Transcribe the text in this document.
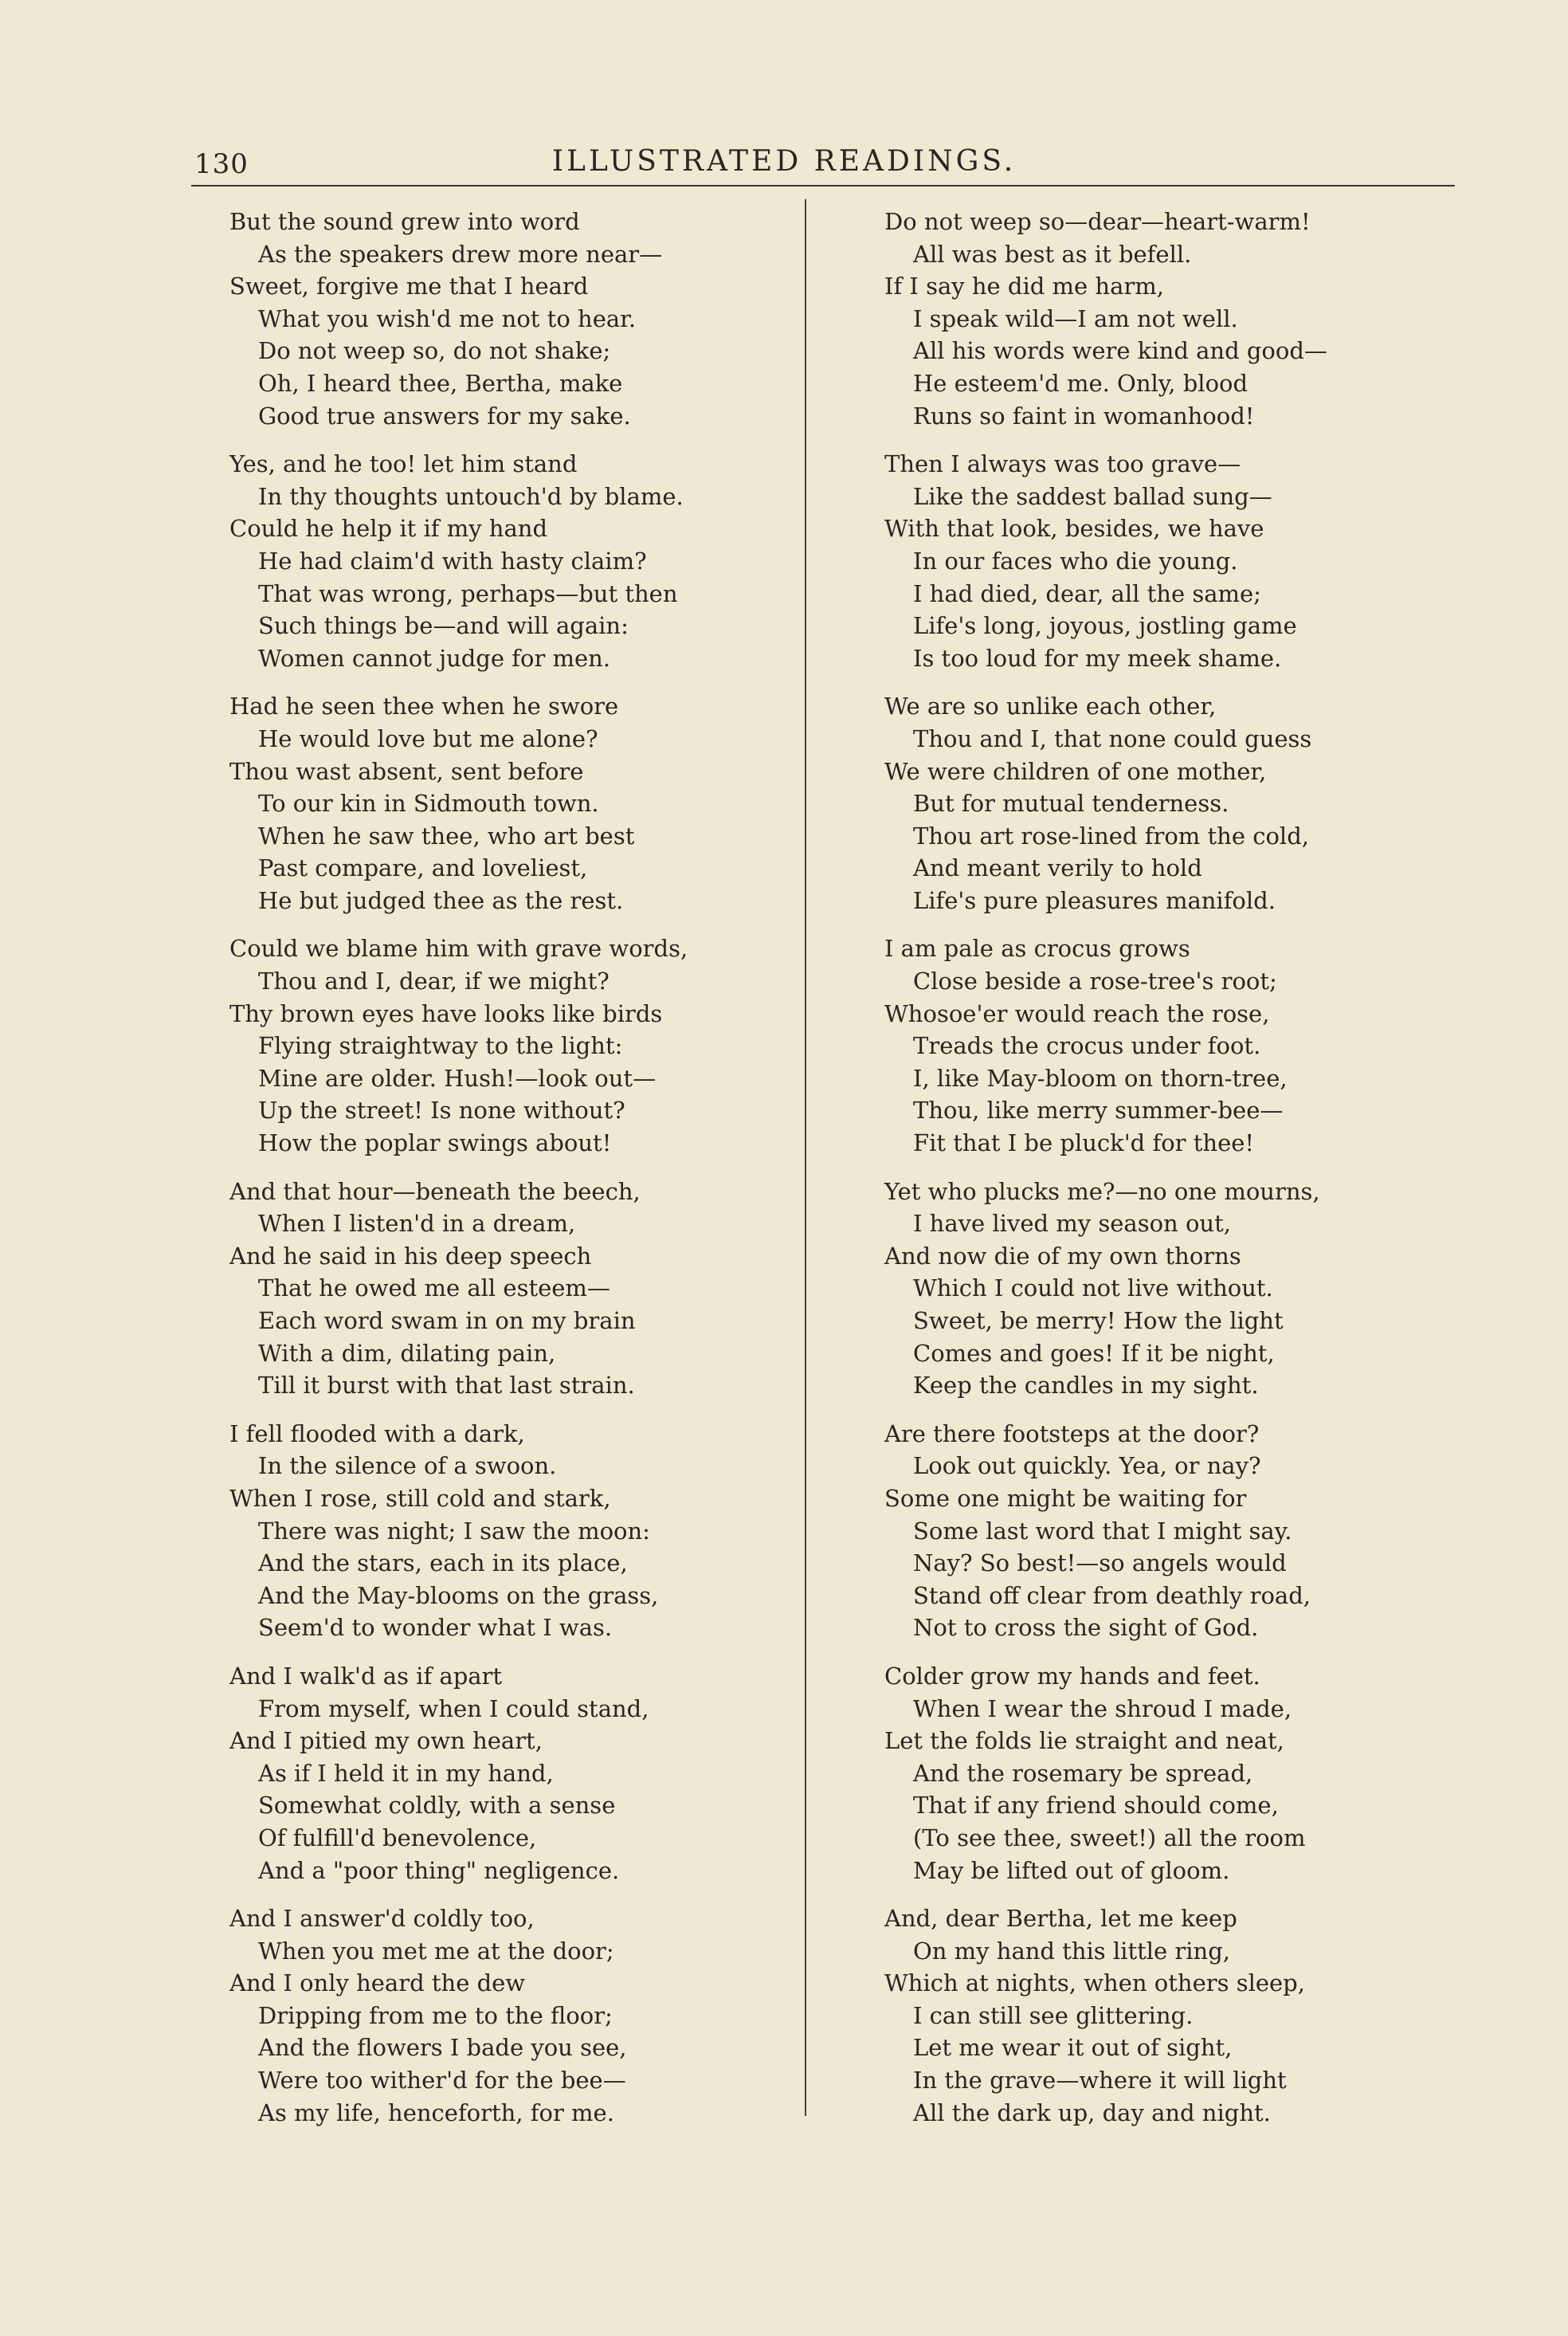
130	ILLUSTRATED READINGS.
But the sound grew into word
As the speakers drew more near—
Sweet, forgive me that I heard
What you wish'd me not to hear.
Do not weep so, do not shake;
Oh, I heard thee, Bertha, make
Good true answers for my sake.
Yes, and he too! let him stand
In thy thoughts untouch'd by blame.
Could he help it if my hand
He had claim'd with hasty claim?
That was wrong, perhaps—but then
Such things be—and will again:
Women cannot judge for men.
Had he seen thee when he swore
He would love but me alone?
Thou wast absent, sent before
To our kin in Sidmouth town.
When he saw thee, who art best
Past compare, and loveliest,
He but judged thee as the rest.
Could we blame him with grave words,
Thou and I, dear, if we might?
Thy brown eyes have looks like birds
Flying straightway to the light:
Mine are older. Hush!—look out—
Up the street! Is none without?
How the poplar swings about!
And that hour—beneath the beech,
When I listen'd in a dream,
And he said in his deep speech
That he owed me all esteem—
Each word swam in on my brain
With a dim, dilating pain,
Till it burst with that last strain.
I fell flooded with a dark,
In the silence of a swoon.
When I rose, still cold and stark,
There was night; I saw the moon:
And the stars, each in its place,
And the May-blooms on the grass,
Seem'd to wonder what I was.
And I walk'd as if apart
From myself, when I could stand,
And I pitied my own heart,
As if I held it in my hand,
Somewhat coldly, with a sense
Of fulfill'd benevolence,
And a "poor thing" negligence.
And I answer'd coldly too,
When you met me at the door;
And I only heard the dew
Dripping from me to the floor;
And the flowers I bade you see,
Were too wither'd for the bee—
As my life, henceforth, for me.
Do not weep so—dear—heart-warm!
All was best as it befell.
If I say he did me harm,
I speak wild—I am not well.
All his words were kind and good—
He esteem'd me. Only, blood
Runs so faint in womanhood!
Then I always was too grave—
Like the saddest ballad sung—
With that look, besides, we have
In our faces who die young.
I had died, dear, all the same;
Life's long, joyous, jostling game
Is too loud for my meek shame.
We are so unlike each other,
Thou and I, that none could guess
We were children of one mother,
But for mutual tenderness.
Thou art rose-lined from the cold,
And meant verily to hold
Life's pure pleasures manifold.
I am pale as crocus grows
Close beside a rose-tree's root;
Whosoe'er would reach the rose,
Treads the crocus under foot.
I, like May-bloom on thorn-tree,
Thou, like merry summer-bee—
Fit that I be pluck'd for thee!
Yet who plucks me?—no one mourns,
I have lived my season out,
And now die of my own thorns
Which I could not live without.
Sweet, be merry! How the light
Comes and goes! If it be night,
Keep the candles in my sight.
Are there footsteps at the door?
Look out quickly. Yea, or nay?
Some one might be waiting for
Some last word that I might say.
Nay? So best!—so angels would
Stand off clear from deathly road,
Not to cross the sight of God.
Colder grow my hands and feet.
When I wear the shroud I made,
Let the folds lie straight and neat,
And the rosemary be spread,
That if any friend should come,
(To see thee, sweet!) all the room
May be lifted out of gloom.
And, dear Bertha, let me keep
On my hand this little ring,
Which at nights, when others sleep,
I can still see glittering.
Let me wear it out of sight,
In the grave—where it will light
All the dark up, day and night.
